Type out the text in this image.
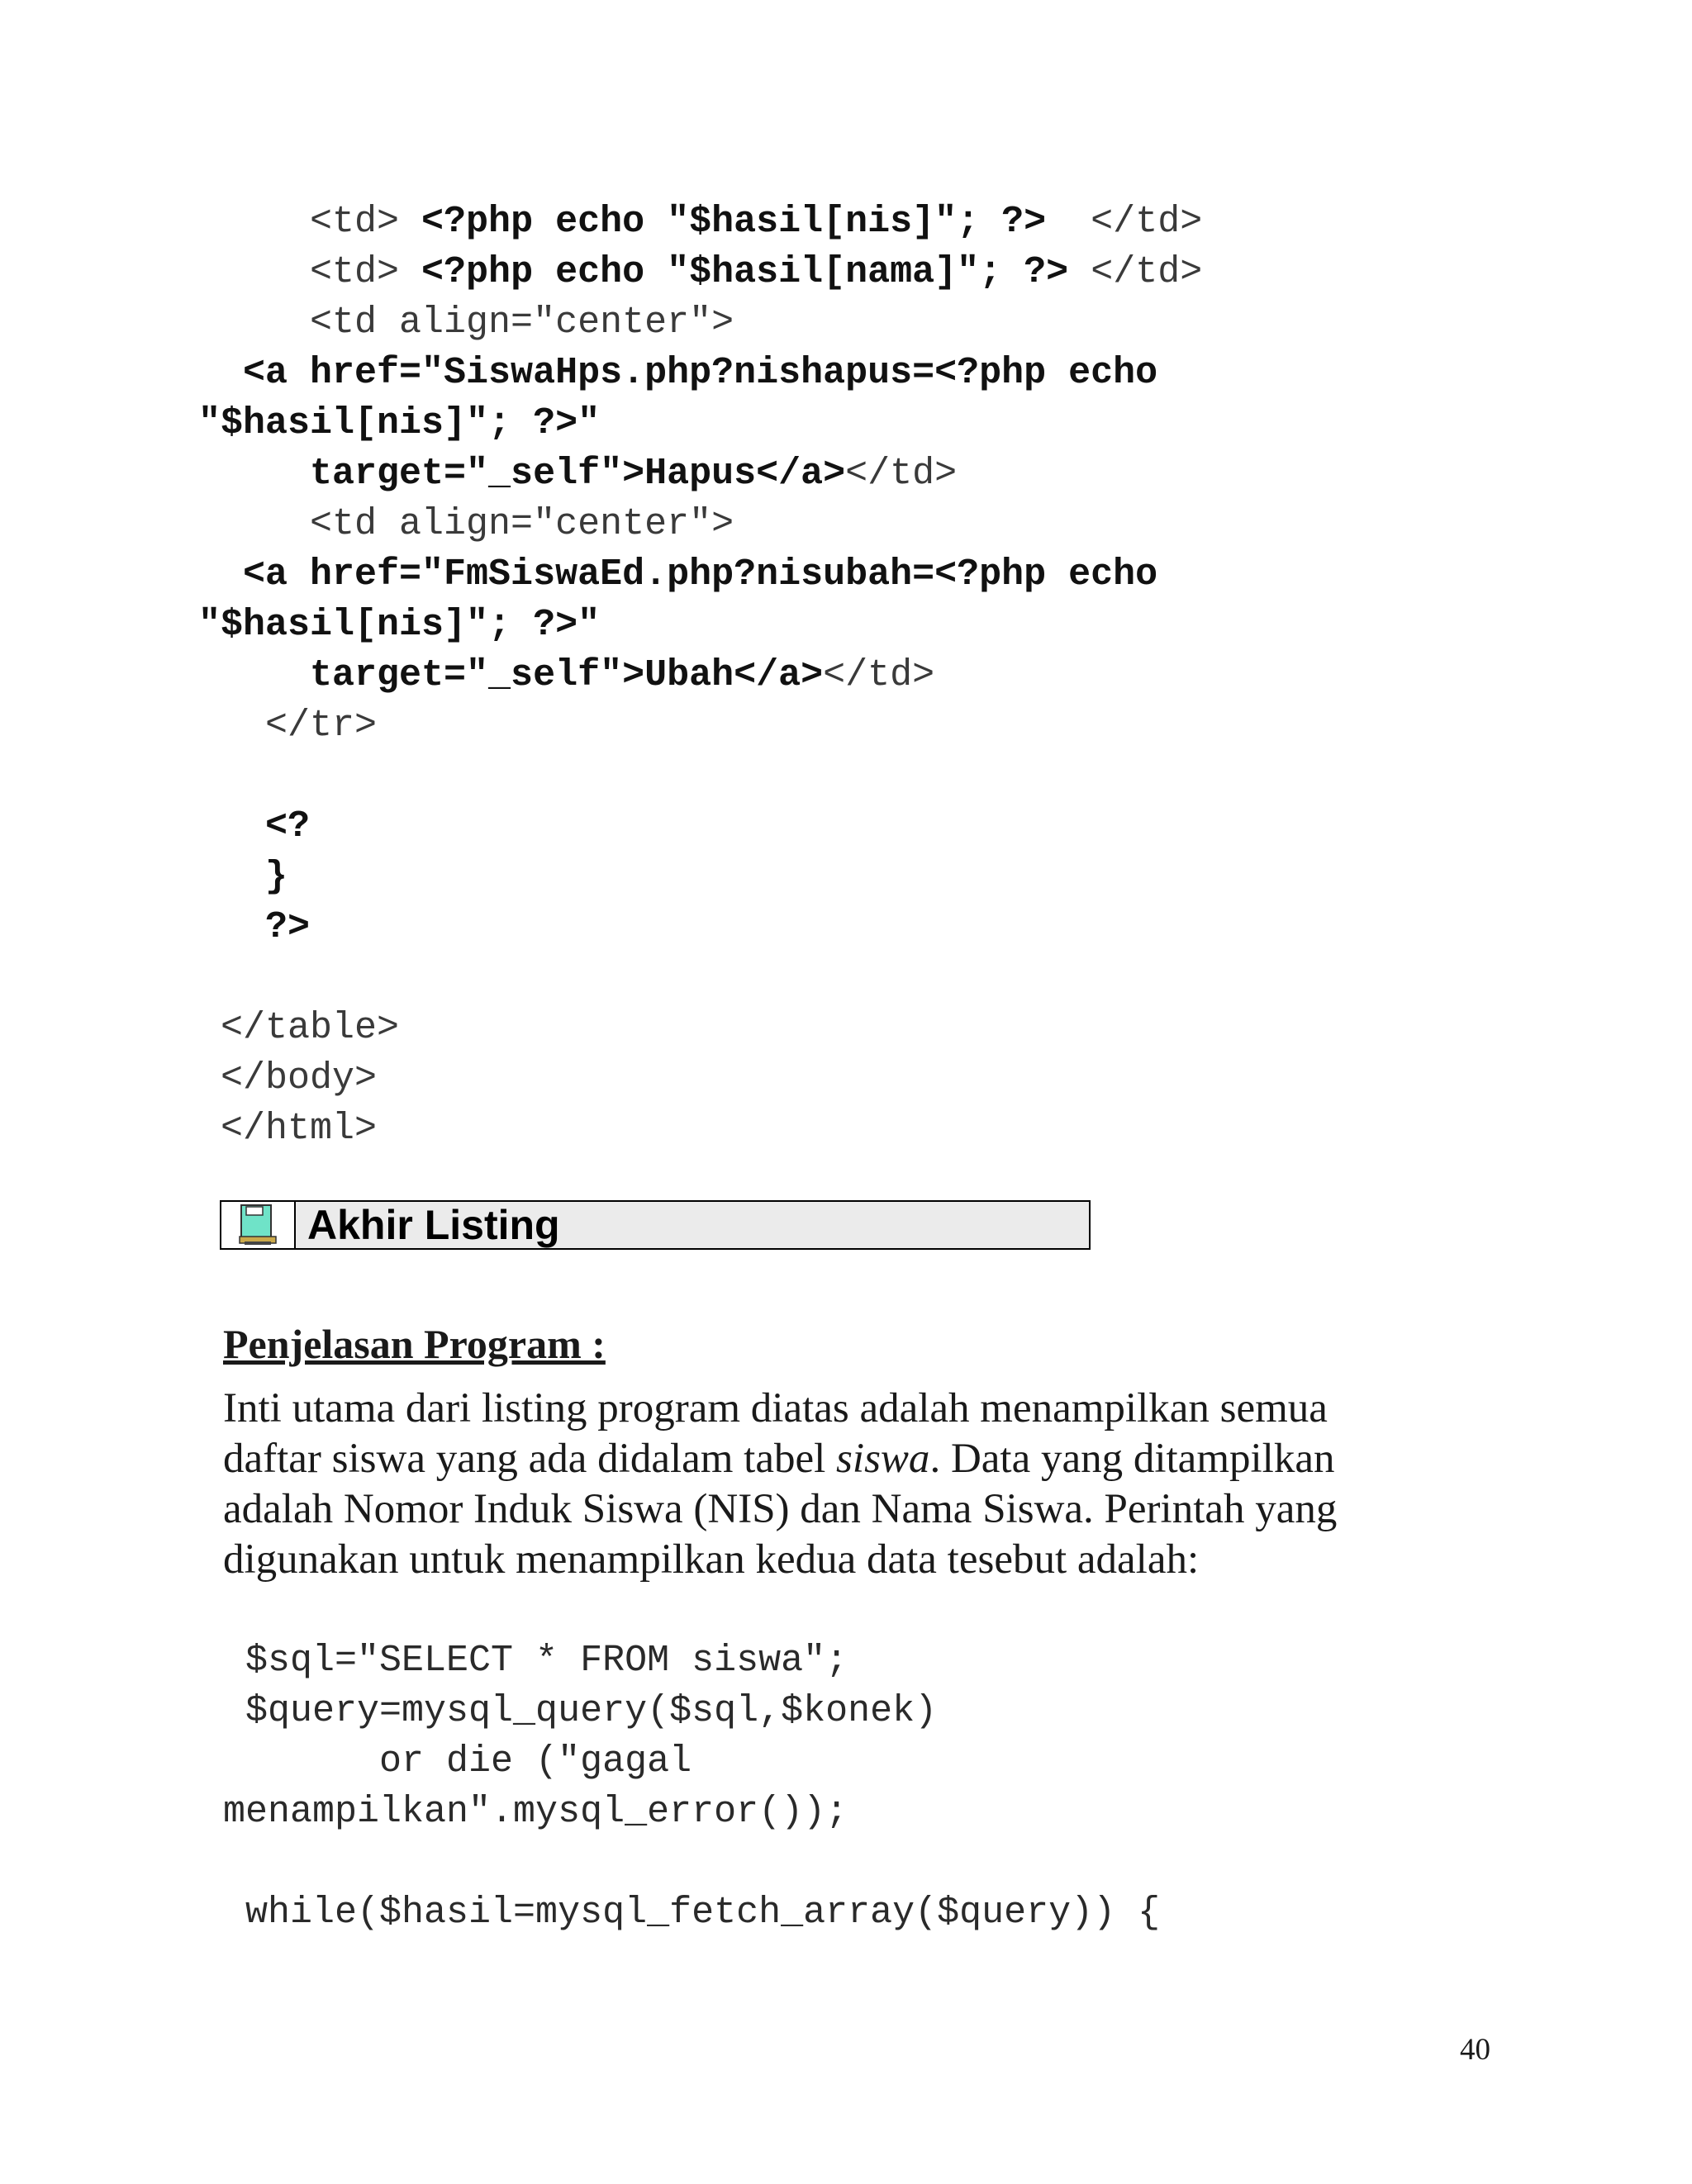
<td> <?php echo "$hasil[nis]"; ?>  </td>
<td> <?php echo "$hasil[nama]"; ?> </td>
<td align="center">
<a href="SiswaHps.php?nishapus=<?php echo
"$hasil[nis]"; ?>"
target="_self">Hapus</a></td>
<td align="center">
<a href="FmSiswaEd.php?nisubah=<?php echo
"$hasil[nis]"; ?>"
target="_self">Ubah</a></td>
</tr>
<?
}
?>
</table>
</body>
</html>
Akhir Listing
Penjelasan Program :

Inti utama dari listing program diatas adalah menampilkan semua
daftar siswa yang ada didalam tabel siswa. Data yang ditampilkan
adalah Nomor Induk Siswa (NIS) dan Nama Siswa. Perintah yang
digunakan untuk menampilkan kedua data tesebut adalah:

$sql="SELECT * FROM siswa";
$query=mysql_query($sql,$konek)
or die ("gagal
menampilkan".mysql_error());
while($hasil=mysql_fetch_array($query)) {
40
